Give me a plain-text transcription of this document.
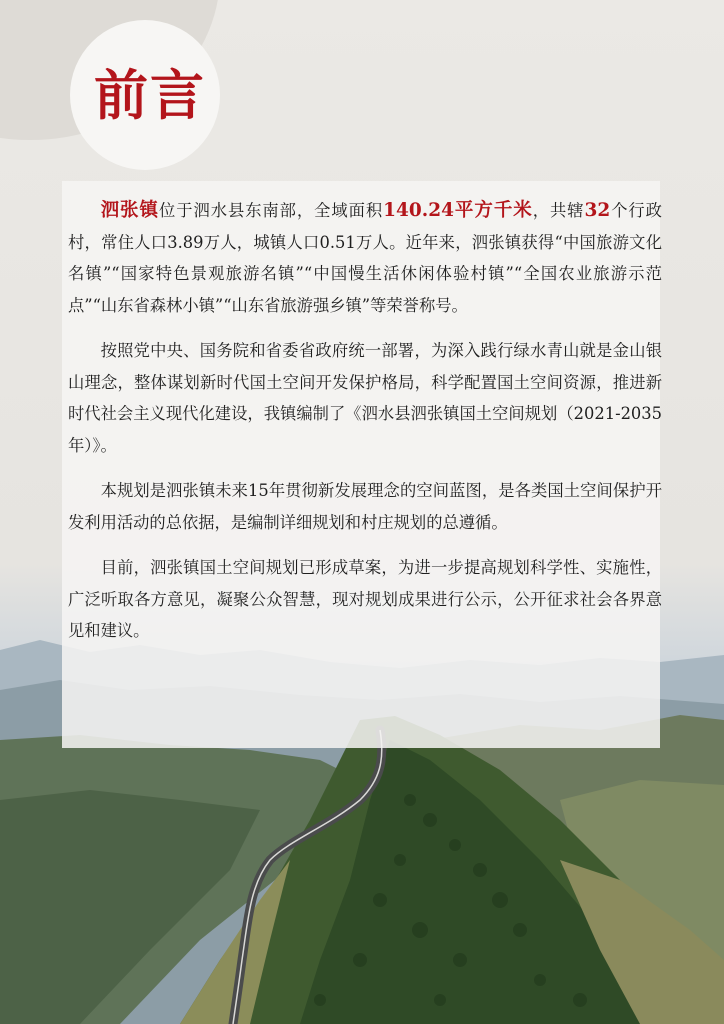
前言

泗张镇位于泗水县东南部，全域面积140.24平方千米，共辖32个行政村，常住人口3.89万人，城镇人口0.51万人。近年来，泗张镇获得“中国旅游文化名镇”“国家特色景观旅游名镇”“中国慢生活休闲体验村镇”“全国农业旅游示范点”“山东省森林小镇”“山东省旅游强乡镇”等荣誉称号。

按照党中央、国务院和省委省政府统一部署，为深入践行绿水青山就是金山银山理念，整体谋划新时代国土空间开发保护格局，科学配置国土空间资源，推进新时代社会主义现代化建设，我镇编制了《泗水县泗张镇国土空间规划（2021-2035年）》。

本规划是泗张镇未来15年贯彻新发展理念的空间蓝图，是各类国土空间保护开发利用活动的总依据，是编制详细规划和村庄规划的总遵循。

目前，泗张镇国土空间规划已形成草案，为进一步提高规划科学性、实施性，广泛听取各方意见，凝聚公众智慧，现对规划成果进行公示，公开征求社会各界意见和建议。
